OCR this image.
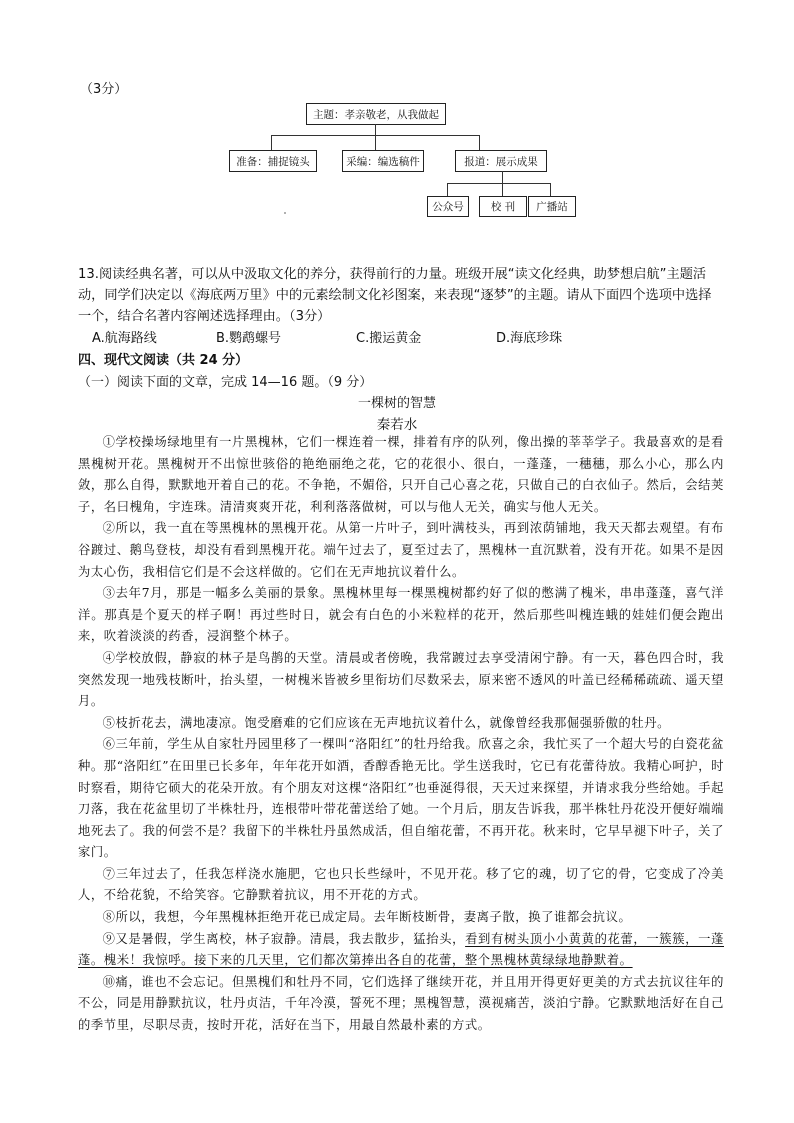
（3分）
主题：孝亲敬老，从我做起
准备：捕捉镜头	采编：编选稿件	报道：展示成果
公众号	校 刊	广播站
13.阅读经典名著，可以从中汲取文化的养分，获得前行的力量。班级开展“读文化经典，助梦想启航”主题活动，同学们决定以《海底两万里》中的元素绘制文化衫图案，来表现“逐梦”的主题。请从下面四个选项中选择一个，结合名著内容阐述选择理由。（3分）
A.航海路线	B.鹦鹉螺号	C.搬运黄金	D.海底珍珠
四、现代文阅读（共 24 分）
（一）阅读下面的文章，完成 14—16 题。（9 分）
一棵树的智慧
秦若水

①学校操场绿地里有一片黑槐林，它们一棵连着一棵，排着有序的队列，像出操的莘莘学子。我最喜欢的是看黑槐树开花。黑槐树开不出惊世骇俗的艳绝丽绝之花，它的花很小、很白，一蓬蓬，一穗穗，那么小心，那么内敛，那么自得，默默地开着自己的花。不争艳，不媚俗，只开自己心喜之花，只做自己的白衣仙子。然后，会结荚子，名曰槐角，宇连珠。清清爽爽开花，利利落落做树，可以与他人无关，确实与他人无关。

②所以，我一直在等黑槐林的黑槐开花。从第一片叶子，到叶满枝头，再到浓荫铺地，我天天都去观望。有布谷踱过、鹅鸟登枝，却没有看到黑槐开花。端午过去了，夏至过去了，黑槐林一直沉默着，没有开花。如果不是因为太心伤，我相信它们是不会这样做的。它们在无声地抗议着什么。

③去年7月，那是一幅多么美丽的景象。黑槐林里每一棵黑槐树都约好了似的憋满了槐米，串串蓬蓬，喜气洋洋。那真是个夏天的样子啊！再过些时日，就会有白色的小米粒样的花开，然后那些叫槐连蛾的娃娃们便会跑出来，吹着淡淡的药香，浸润整个林子。

④学校放假，静寂的林子是鸟鹊的天堂。清晨或者傍晚，我常踱过去享受清闲宁静。有一天，暮色四合时，我突然发现一地残枝断叶，抬头望，一树槐米皆被乡里衔坊们尽数采去，原来密不透风的叶盖已经稀稀疏疏、遥天望月。

⑤枝折花去，满地凄凉。饱受磨难的它们应该在无声地抗议着什么，就像曾经我那倔强骄傲的牡丹。

⑥三年前，学生从自家牡丹园里移了一棵叫“洛阳红”的牡丹给我。欣喜之余，我忙买了一个超大号的白瓷花盆种。那“洛阳红”在田里已长多年，年年花开如酒，香醇香艳无比。学生送我时，它已有花蕾待放。我精心呵护，时时察看，期待它硕大的花朵开放。有个朋友对这棵“洛阳红”也垂涎得很，天天过来探望，并请求我分些给她。手起刀落，我在花盆里切了半株牡丹，连根带叶带花蕾送给了她。一个月后，朋友告诉我，那半株牡丹花没开便好端端地死去了。我的何尝不是？我留下的半株牡丹虽然成活，但自缩花蕾，不再开花。秋来时，它早早褪下叶子，关了家门。

⑦三年过去了，任我怎样浇水施肥，它也只长些绿叶，不见开花。移了它的魂，切了它的骨，它变成了冷美人，不给花貌，不给笑容。它静默着抗议，用不开花的方式。

⑧所以，我想，今年黑槐林拒绝开花已成定局。去年断枝断骨，妻离子散，换了谁都会抗议。

⑨又是暑假，学生离校，林子寂静。清晨，我去散步，猛抬头，看到有树头顶小小黄黄的花蕾，一簇簇，一蓬蓬。槐米！我惊呼。接下来的几天里，它们都次第捧出各自的花蕾，整个黑槐林黄绿绿地静默着。

⑩痛，谁也不会忘记。但黑槐们和牡丹不同，它们选择了继续开花，并且用开得更好更美的方式去抗议往年的不公，同是用静默抗议，牡丹贞洁，千年冷漠，誓死不理；黑槐智慧，漠视痛苦，淡泊宁静。它默默地活好在自己的季节里，尽职尽责，按时开花，活好在当下，用最自然最朴素的方式。
